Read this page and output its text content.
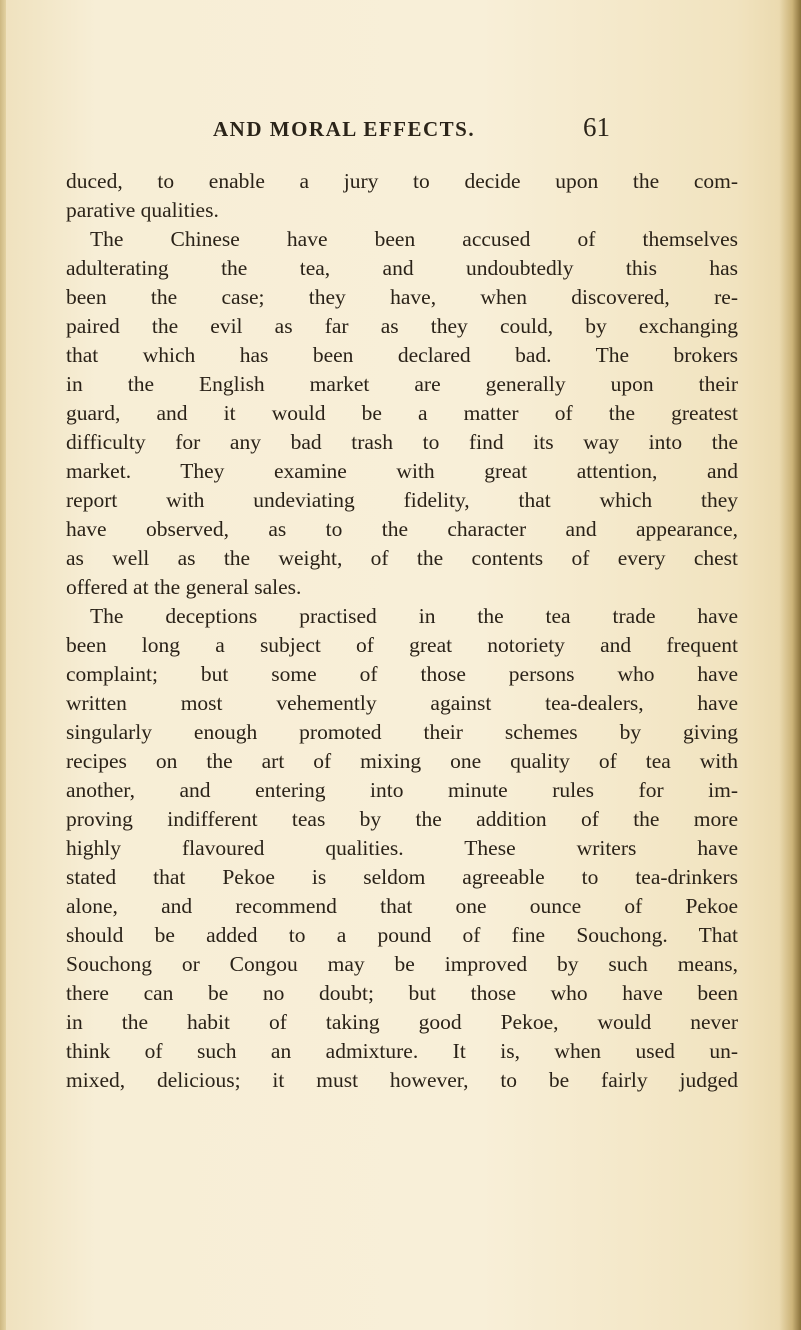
AND MORAL EFFECTS.	61
duced, to enable a jury to decide upon the com-
parative qualities.
The Chinese have been accused of themselves
adulterating the tea, and undoubtedly this has
been the case; they have, when discovered, re-
paired the evil as far as they could, by exchanging
that which has been declared bad. The brokers
in the English market are generally upon their
guard, and it would be a matter of the greatest
difficulty for any bad trash to find its way into the
market. They examine with great attention, and
report with undeviating fidelity, that which they
have observed, as to the character and appearance,
as well as the weight, of the contents of every chest
offered at the general sales.
The deceptions practised in the tea trade have
been long a subject of great notoriety and frequent
complaint; but some of those persons who have
written most vehemently against tea-dealers, have
singularly enough promoted their schemes by giving
recipes on the art of mixing one quality of tea with
another, and entering into minute rules for im-
proving indifferent teas by the addition of the more
highly flavoured qualities. These writers have
stated that Pekoe is seldom agreeable to tea-drinkers
alone, and recommend that one ounce of Pekoe
should be added to a pound of fine Souchong. That
Souchong or Congou may be improved by such means,
there can be no doubt; but those who have been
in the habit of taking good Pekoe, would never
think of such an admixture. It is, when used un-
mixed, delicious; it must however, to be fairly judged
